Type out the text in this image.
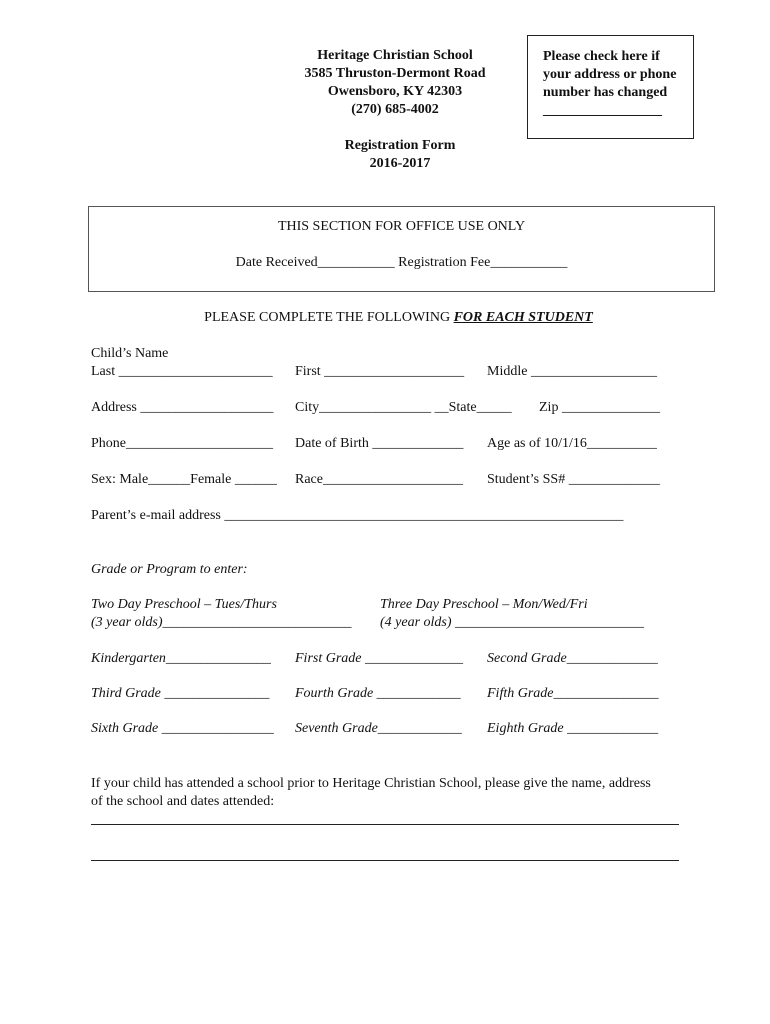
Heritage Christian School
3585 Thruston-Dermont Road
Owensboro, KY 42303
(270) 685-4002
Please check here if
your address or phone
number has changed
_________________
Registration Form
2016-2017
THIS SECTION FOR OFFICE USE ONLY
Date Received___________ Registration Fee___________
PLEASE COMPLETE THE FOLLOWING FOR EACH STUDENT
Child’s Name
Last ______________________ First ____________________ Middle __________________
Address ___________________ City________________ __State_____ Zip ______________
Phone_____________________ Date of Birth _____________ Age as of 10/1/16__________
Sex: Male______Female ______ Race____________________ Student’s SS# _____________
Parent’s e-mail address _________________________________________________________
Grade or Program to enter:
Two Day Preschool – Tues/Thurs
(3 year olds)___________________________
Three Day Preschool – Mon/Wed/Fri
(4 year olds) ___________________________
Kindergarten_______________ First Grade ______________ Second Grade_____________
Third Grade _______________ Fourth Grade ____________ Fifth Grade_______________
Sixth Grade ________________ Seventh Grade____________ Eighth Grade _____________
If your child has attended a school prior to Heritage Christian School, please give the name, address
of the school and dates attended:
